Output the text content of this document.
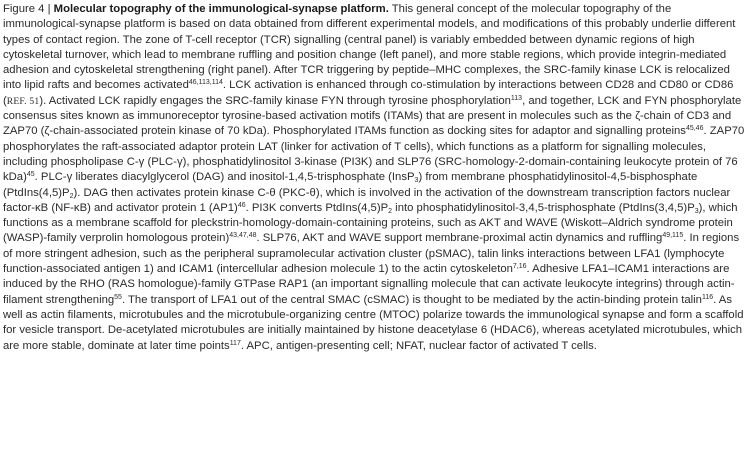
Figure 4 | Molecular topography of the immunological-synapse platform. This general concept of the molecular topography of the immunological-synapse platform is based on data obtained from different experimental models, and modifications of this probably underlie different types of contact region. The zone of T-cell receptor (TCR) signalling (central panel) is variably embedded between dynamic regions of high cytoskeletal turnover, which lead to membrane ruffling and position change (left panel), and more stable regions, which provide integrin-mediated adhesion and cytoskeletal strengthening (right panel). After TCR triggering by peptide–MHC complexes, the SRC-family kinase LCK is relocalized into lipid rafts and becomes activated$^{46,113,114}$. LCK activation is enhanced through co-stimulation by interactions between CD28 and CD80 or CD86 (REF. 51). Activated LCK rapidly engages the SRC-family kinase FYN through tyrosine phosphorylation$^{113}$, and together, LCK and FYN phosphorylate consensus sites known as immunoreceptor tyrosine-based activation motifs (ITAMs) that are present in molecules such as the ζ-chain of CD3 and ZAP70 (ζ-chain-associated protein kinase of 70 kDa). Phosphorylated ITAMs function as docking sites for adaptor and signalling proteins$^{45,46}$. ZAP70 phosphorylates the raft-associated adaptor protein LAT (linker for activation of T cells), which functions as a platform for signalling molecules, including phospholipase C-γ (PLC-γ), phosphatidylinositol 3-kinase (PI3K) and SLP76 (SRC-homology-2-domain-containing leukocyte protein of 76 kDa)$^{45}$. PLC-γ liberates diacylglycerol (DAG) and inositol-1,4,5-trisphosphate (InsP$_3$) from membrane phosphatidylinositol-4,5-bisphosphate $(PtdIns(4,5)P_2)$. DAG then activates protein kinase C-θ (PKC-θ), which is involved in the activation of the downstream transcription factors nuclear factor-κB (NF-κB) and activator protein 1 $(AP1)^{46}$. PI3K converts $PtdIns(4,5)P_2$ into phosphatidylinositol-3,4,5-trisphosphate $(PtdIns(3,4,5)P_3)$, which functions as a membrane scaffold for pleckstrin-homology-domain-containing proteins, such as AKT and WAVE (Wiskott–Aldrich syndrome protein (WASP)-family verprolin homologous protein)$^{43,47,48}$. SLP76, AKT and WAVE support membrane-proximal actin dynamics and ruffling$^{49,115}$. In regions of more stringent adhesion, such as the peripheral supramolecular activation cluster (pSMAC), talin links interactions between LFA1 (lymphocyte function-associated antigen 1) and ICAM1 (intercellular adhesion molecule 1) to the actin cytoskeleton$^{7,16}$. Adhesive LFA1–ICAM1 interactions are induced by the RHO (RAS homologue)-family GTPase RAP1 (an important signalling molecule that can activate leukocyte integrins) through actin-filament strengthening$^{55}$. The transport of LFA1 out of the central SMAC (cSMAC) is thought to be mediated by the actin-binding protein talin$^{116}$. As well as actin filaments, microtubules and the microtubule-organizing centre (MTOC) polarize towards the immunological synapse and form a scaffold for vesicle transport. De-acetylated microtubules are initially maintained by histone deacetylase 6 (HDAC6), whereas acetylated microtubules, which are more stable, dominate at later time points$^{117}$. APC, antigen-presenting cell; NFAT, nuclear factor of activated T cells.
